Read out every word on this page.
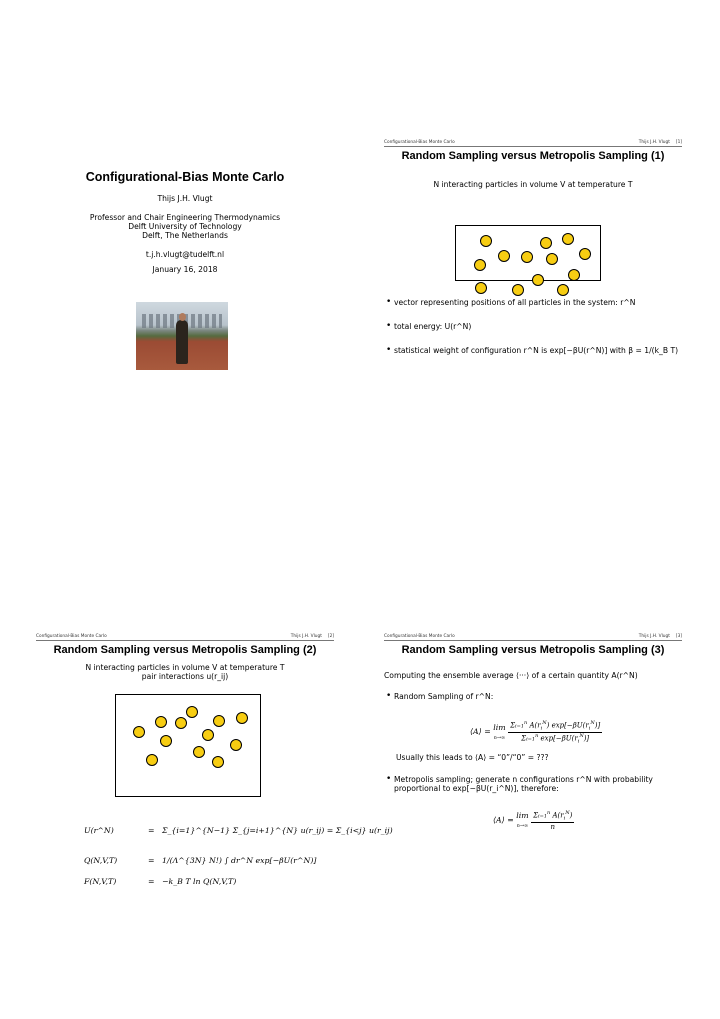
Configurational-Bias Monte Carlo
Thijs J.H. Vlugt
Professor and Chair Engineering Thermodynamics
Delft University of Technology
Delft, The Netherlands
t.j.h.vlugt@tudelft.nl
January 16, 2018
Configurational-Bias Monte Carlo	Thijs J.H. Vlugt [1]
Random Sampling versus Metropolis Sampling (1)
N interacting particles in volume V at temperature T
• vector representing positions of all particles in the system: r^N
• total energy: U(r^N)
• statistical weight of configuration r^N is exp[−βU(r^N)] with β = 1/(k_B T)
Configurational-Bias Monte Carlo	Thijs J.H. Vlugt [2]
Random Sampling versus Metropolis Sampling (2)
N interacting particles in volume V at temperature T
pair interactions u(r_ij)
U(r^N)	= Σ_{i=1}^{N−1} Σ_{j=i+1}^{N} u(r_ij) = Σ_{i<j} u(r_ij)
Q(N,V,T)	= 1/(Λ^{3N} N!) ∫ dr^N exp[−βU(r^N)]
F(N,V,T)	= −k_B T ln Q(N,V,T)
Configurational-Bias Monte Carlo	Thijs J.H. Vlugt [3]
Random Sampling versus Metropolis Sampling (3)
Computing the ensemble average ⟨···⟩ of a certain quantity A(r^N)
• Random Sampling of r^N:
⟨A⟩ = lim
$n\to\infty \frac{\Sigma i=1^n A(r_i^N) \exp[-\beta U(r_i^N)]}{\Sigma i=1^n \exp[-\beta U(r_i^N)]}$
Usually this leads to ⟨A⟩ = “0”/“0” = ???
• Metropolis sampling; generate n configurations r^N with probability proportional to exp[−βU(r_i^N)], therefore:
⟨A⟩ = lim
$n\to\infty \frac{\Sigma i=1^n A(r_i^N)}{n}$
